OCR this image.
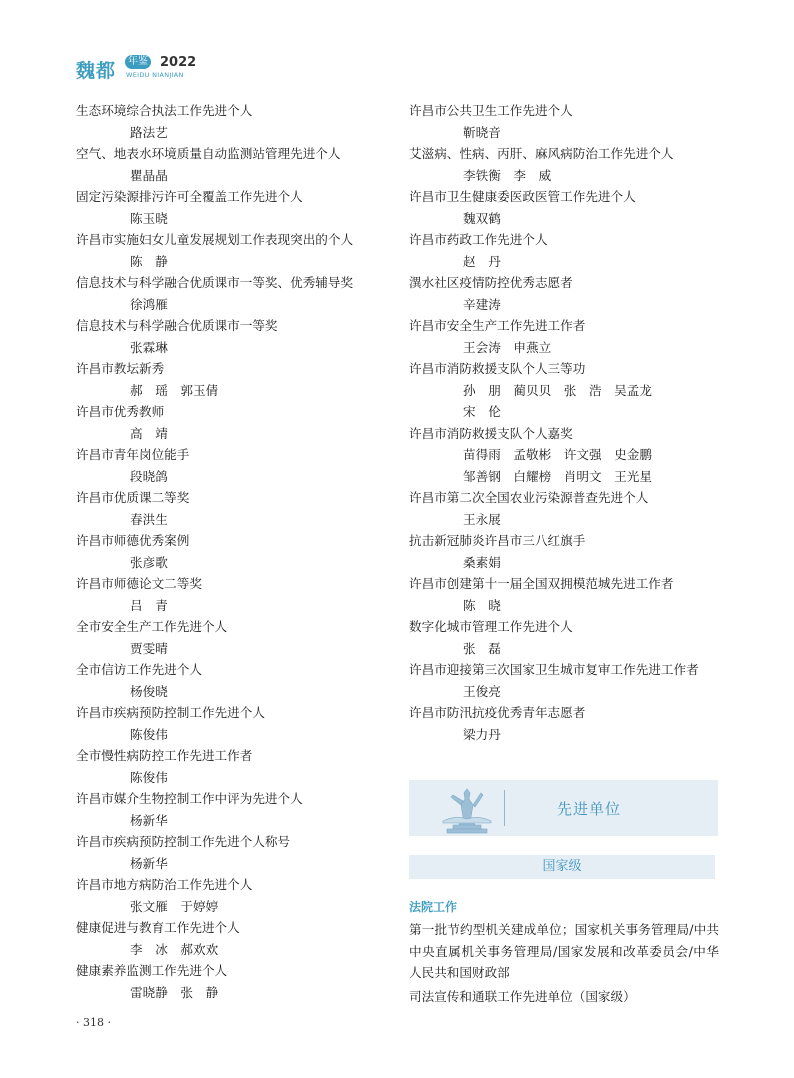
魏都	年鉴 2022
WEIDU NIANJIAN
生态环境综合执法工作先进个人
路法艺
空气、地表水环境质量自动监测站管理先进个人
瞿晶晶
固定污染源排污许可全覆盖工作先进个人
陈玉晓
许昌市实施妇女儿童发展规划工作表现突出的个人
陈　静
信息技术与科学融合优质课市一等奖、优秀辅导奖
徐鸿雁
信息技术与科学融合优质课市一等奖
张霖琳
许昌市教坛新秀
郝　瑶　郭玉倩
许昌市优秀教师
高　靖
许昌市青年岗位能手
段晓鸽
许昌市优质课二等奖
春洪生
许昌市师德优秀案例
张彦歌
许昌市师德论文二等奖
吕　青
全市安全生产工作先进个人
贾雯晴
全市信访工作先进个人
杨俊晓
许昌市疾病预防控制工作先进个人
陈俊伟
全市慢性病防控工作先进工作者
陈俊伟
许昌市媒介生物控制工作中评为先进个人
杨新华
许昌市疾病预防控制工作先进个人称号
杨新华
许昌市地方病防治工作先进个人
张文雁　于婷婷
健康促进与教育工作先进个人
李　冰　郝欢欢
健康素养监测工作先进个人
雷晓静　张　静
许昌市公共卫生工作先进个人
靳晓音
艾滋病、性病、丙肝、麻风病防治工作先进个人
李铁衡　李　威
许昌市卫生健康委医政医管工作先进个人
魏双鹤
许昌市药政工作先进个人
赵　丹
潩水社区疫情防控优秀志愿者
辛建涛
许昌市安全生产工作先进工作者
王会涛　申燕立
许昌市消防救援支队个人三等功
孙　朋　蔺贝贝　张　浩　吴孟龙
宋　伦
许昌市消防救援支队个人嘉奖
苗得雨　孟敬彬　许文强　史金鹏
邹善钢　白耀榜　肖明文　王光星
许昌市第二次全国农业污染源普查先进个人
王永展
抗击新冠肺炎许昌市三八红旗手
桑素娟
许昌市创建第十一届全国双拥模范城先进工作者
陈　晓
数字化城市管理工作先进个人
张　磊
许昌市迎接第三次国家卫生城市复审工作先进工作者
王俊亮
许昌市防汛抗疫优秀青年志愿者
梁力丹
先进单位
国家级
法院工作
第一批节约型机关建成单位；国家机关事务管理局/中共中央直属机关事务管理局/国家发展和改革委员会/中华人民共和国财政部
司法宣传和通联工作先进单位（国家级）
· 318 ·
